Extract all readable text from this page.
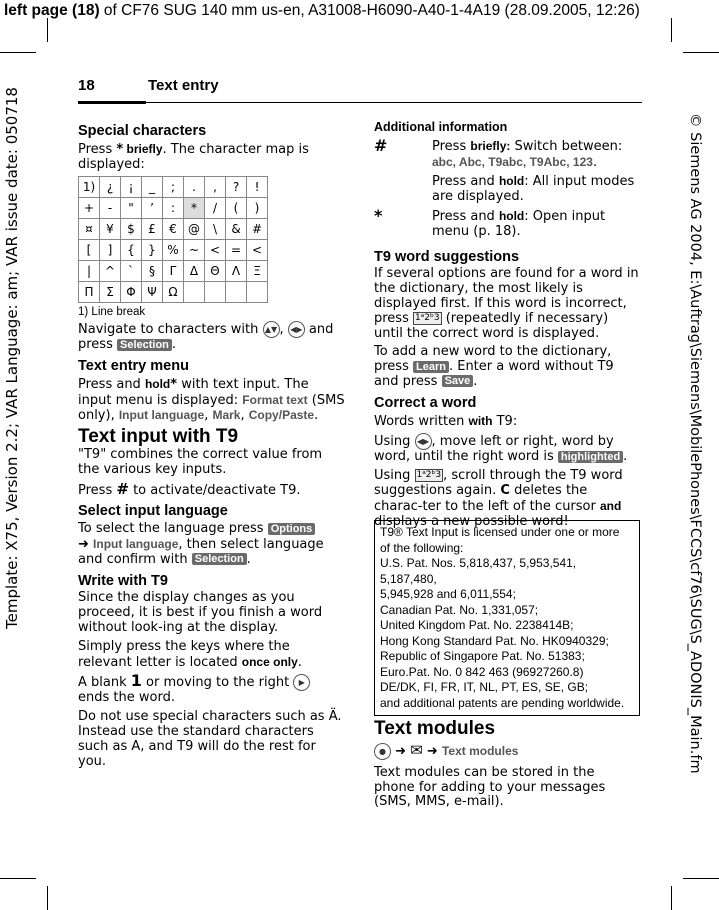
left page (18) of CF76 SUG 140 mm us-en, A31008-H6090-A40-1-4A19 (28.09.2005, 12:26)
Template: X75, Version 2.2; VAR Language: am; VAR issue date: 050718	© Siemens AG 2004, E:\Auftrag\Siemens\MobilePhones\FCCS\cf76\SUG\S_ADONIS_Main.fm
18	Text entry
Special characters

Press * briefly. The character map is displayed:

1)	¿	¡	_	;	.	,	?	!
+	-	"	’	:	*	/	(	)
¤	¥	$	£	€	@	\	&	#
[	]	{	}	%	~	<	=	<
|	^	`	§	Γ	Δ	Θ	Λ	Ξ
Π	Σ	Φ	Ψ	Ω				
1) Line break

Navigate to characters with ▲▼ , ◀▶ and press Selection .

Text entry menu

Press and hold* with text input. The input menu is displayed: Format text (SMS only), Input language, Mark, Copy/Paste.

Text input with T9

"T9" combines the correct value from the various key inputs.

Press # to activate/deactivate T9.

Select input language

To select the language press Options
➜ Input language, then select language and confirm with Selection .

Write with T9

Since the display changes as you proceed, it is best if you finish a word without look-ing at the display.

Simply press the keys where the relevant letter is located once only.

A blank 1 or moving to the right ▶
ends the word.

Do not use special characters such as Ä. Instead use the standard characters such as A, and T9 will do the rest for you.

Additional information
#	Press briefly: Switch between: abc, Abc, T9abc, T9Abc, 123.

Press and hold: All input modes are displayed.

*	Press and hold: Open input menu (p. 18).

T9 word suggestions

If several options are found for a word in the dictionary, the most likely is displayed first. If this word is incorrect, press 1ᵃ2ᵇ3 (repeatedly if necessary) until the correct word is displayed.

To add a new word to the dictionary, press Learn . Enter a word without T9 and press Save .

Correct a word

Words written with T9:

Using ◀▶ , move left or right, word by word, until the right word is highlighted .

Using 1ᵃ2ᵇ3 , scroll through the T9 word suggestions again. C deletes the charac-ter to the left of the cursor and displays a new possible word!

T9® Text Input is licensed under one or more
of the following:
U.S. Pat. Nos. 5,818,437, 5,953,541, 5,187,480,
5,945,928 and 6,011,554;
Canadian Pat. No. 1,331,057;
United Kingdom Pat. No. 2238414B;
Hong Kong Standard Pat. No. HK0940329;
Republic of Singapore Pat. No. 51383;
Euro.Pat. No. 0 842 463 (96927260.8)
DE/DK, FI, FR, IT, NL, PT, ES, SE, GB;
and additional patents are pending worldwide.
Text modules

● ➜ ✉ ➜ Text modules

Text modules can be stored in the phone for adding to your messages (SMS, MMS, e-mail).
